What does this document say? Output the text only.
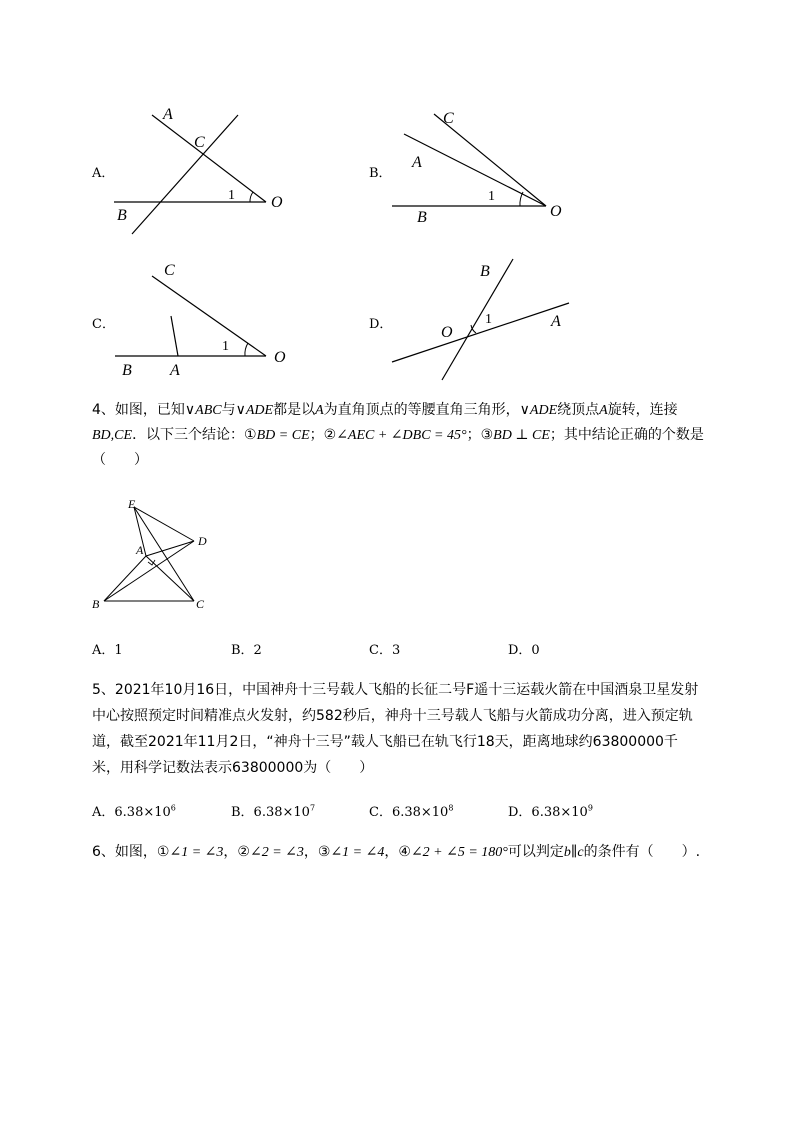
A．
A
C
B
O
1
B．
C
A
B	O
1
C．
C
B A
O
1
D．
B
O
A
1
4、如图，已知∨ABC与∨ADE都是以A为直角顶点的等腰直角三角形，∨ADE绕顶点A旋转，连接
BD,CE．以下三个结论：①BD = CE；②∠AEC + ∠DBC = 45°；③BD ⊥ CE；其中结论正确的个数是
（　　）
E
D
A
B	C
A．1	B．2	C．3	D．0
5、2021年10月16日，中国神舟十三号载人飞船的长征二号F遥十三运载火箭在中国酒泉卫星发射
中心按照预定时间精准点火发射，约582秒后，神舟十三号载人飞船与火箭成功分离，进入预定轨
道，截至2021年11月2日，“神舟十三号”载人飞船已在轨飞行18天，距离地球约63800000千
米，用科学记数法表示63800000为（　　）
A．$6.38\times 10^6$	B．$6.38\times 10^7$	C．$6.38\times 10^8$	D．$6.38\times 10^9$
6、如图，①∠1 = ∠3，②∠2 = ∠3，③∠1 = ∠4，④∠2 + ∠5 = 180°可以判定b∥c的条件有（　　）.
